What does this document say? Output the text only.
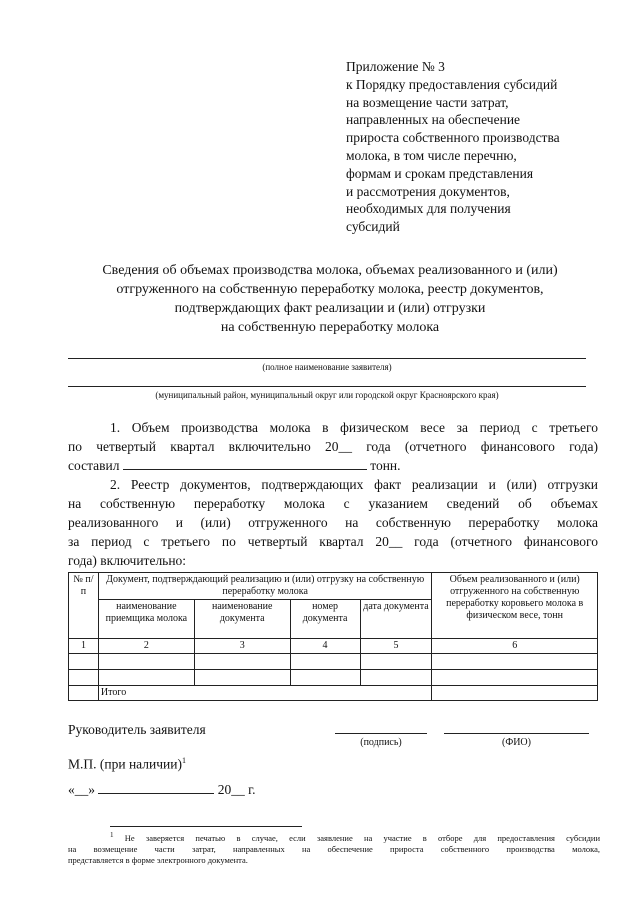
Приложение № 3
к Порядку предоставления субсидий
на возмещение части затрат,
направленных на обеспечение
прироста собственного производства
молока, в том числе перечню,
формам и срокам представления
и рассмотрения документов,
необходимых для получения
субсидий
Сведения об объемах производства молока, объемах реализованного и (или)
отгруженного на собственную переработку молока, реестр документов,
подтверждающих факт реализации и (или) отгрузки
на собственную переработку молока
(полное наименование заявителя)
(муниципальный район, муниципальный округ или городской округ Красноярского края)
1. Объем производства молока в физическом весе за период с третьего
по четвертый квартал включительно 20__ года (отчетного финансового года)
составил	тонн.
2. Реестр документов, подтверждающих факт реализации и (или) отгрузки
на собственную переработку молока с указанием сведений об объемах
реализованного и (или) отгруженного на собственную переработку молока
за период с третьего по четвертый квартал 20__ года (отчетного финансового
года) включительно:
№ п/п	Документ, подтверждающий реализацию и (или) отгрузку на собственную переработку молока				Объем реализованного и (или) отгруженного на собственную переработку коровьего молока в физическом весе, тонн
	наименование приемщика молока	наименование документа	номер документа	дата документа	
1	2	3	4	5	6

	Итого				
Руководитель заявителя
(подпись)	(ФИО)
М.П. (при наличии)$^1$
«__»	20__ г.
$^1$ Не заверяется печатью в случае, если заявление на участие в отборе для предоставления субсидии
на возмещение части затрат, направленных на обеспечение прироста собственного производства молока,
представляется в форме электронного документа.
